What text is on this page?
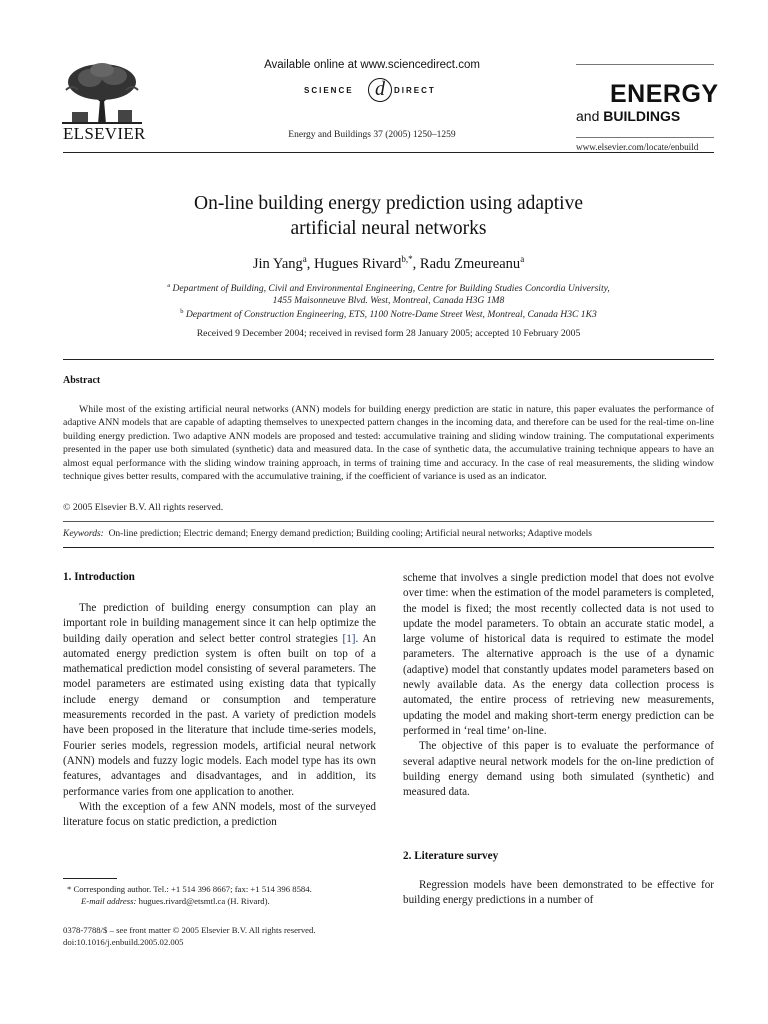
ELSEVIER
Available online at www.sciencedirect.com
SCIENCE	d	DIRECT
Energy and Buildings 37 (2005) 1250–1259
ENERGY
and BUILDINGS
www.elsevier.com/locate/enbuild
On-line building energy prediction using adaptive
artificial neural networks
Jin Yang$^a$, Hugues Rivard$^{b,*}$, Radu Zmeureanu$^a$
$^a$ Department of Building, Civil and Environmental Engineering, Centre for Building Studies Concordia University,
1455 Maisonneuve Blvd. West, Montreal, Canada H3G 1M8
$^b$ Department of Construction Engineering, ETS, 1100 Notre-Dame Street West, Montreal, Canada H3C 1K3
Received 9 December 2004; received in revised form 28 January 2005; accepted 10 February 2005
Abstract

While most of the existing artificial neural networks (ANN) models for building energy prediction are static in nature, this paper evaluates the performance of adaptive ANN models that are capable of adapting themselves to unexpected pattern changes in the incoming data, and therefore can be used for the real-time on-line building energy prediction. Two adaptive ANN models are proposed and tested: accumulative training and sliding window training. The computational experiments presented in the paper use both simulated (synthetic) data and measured data. In the case of synthetic data, the accumulative training technique appears to have an almost equal performance with the sliding window training approach, in terms of training time and accuracy. In the case of real measurements, the sliding window technique gives better results, compared with the accumulative training, if the coefficient of variance is used as an indicator.

© 2005 Elsevier B.V. All rights reserved.
Keywords: On-line prediction; Electric demand; Energy demand prediction; Building cooling; Artificial neural networks; Adaptive models
1. Introduction

The prediction of building energy consumption can play an important role in building management since it can help optimize the building daily operation and select better control strategies [1]. An automated energy prediction system is often built on top of a mathematical prediction model consisting of several parameters. The model parameters are estimated using existing data that typically include energy demand or consumption and temperature measurements recorded in the past. A variety of prediction models have been proposed in the literature that include time-series models, Fourier series models, regression models, artificial neural network (ANN) models and fuzzy logic models. Each model type has its own features, advantages and disadvantages, and in addition, its performance varies from one application to another.

With the exception of a few ANN models, most of the surveyed literature focus on static prediction, a prediction

* Corresponding author. Tel.: +1 514 396 8667; fax: +1 514 396 8584.
E-mail address: hugues.rivard@etsmtl.ca (H. Rivard).
0378-7788/$ – see front matter © 2005 Elsevier B.V. All rights reserved.
doi:10.1016/j.enbuild.2005.02.005

scheme that involves a single prediction model that does not evolve over time: when the estimation of the model parameters is completed, the model is fixed; the most recently collected data is not used to update the model parameters. To obtain an accurate static model, a large volume of historical data is required to estimate the model parameters. The alternative approach is the use of a dynamic (adaptive) model that constantly updates model parameters based on newly available data. As the energy data collection process is automated, the entire process of retrieving new measurements, updating the model and making short-term energy prediction can be performed in ‘real time’ on-line.

The objective of this paper is to evaluate the performance of several adaptive neural network models for the on-line prediction of building energy demand using both simulated (synthetic) and measured data.

2. Literature survey

Regression models have been demonstrated to be effective for building energy predictions in a number of
